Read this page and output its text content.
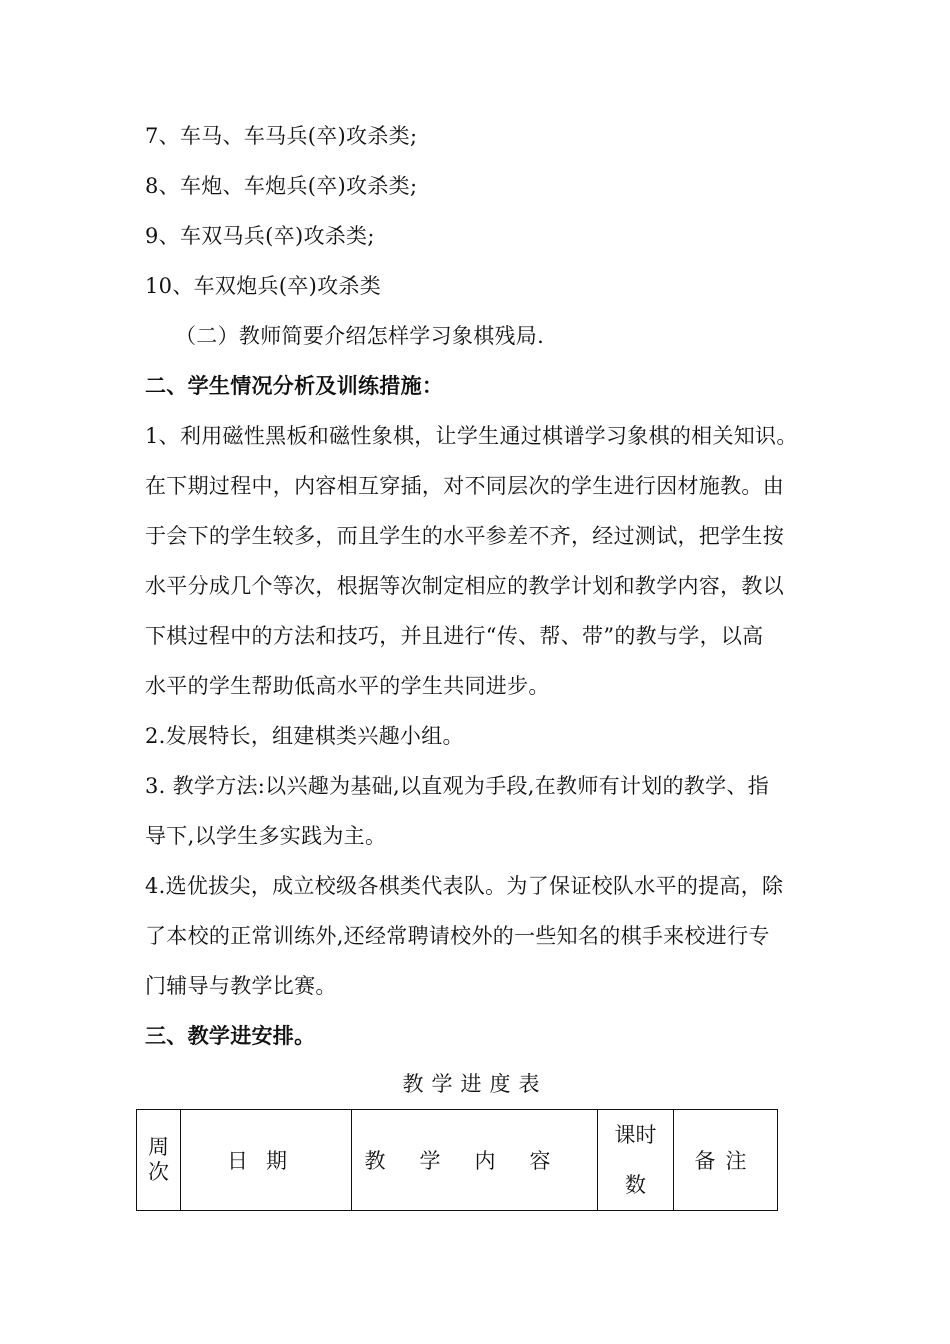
7、车马、车马兵(卒)攻杀类;
8、车炮、车炮兵(卒)攻杀类;
9、车双马兵(卒)攻杀类;
10、车双炮兵(卒)攻杀类
（二）教师简要介绍怎样学习象棋残局.
二、学生情况分析及训练措施：
1、利用磁性黑板和磁性象棋，让学生通过棋谱学习象棋的相关知识。
在下期过程中，内容相互穿插，对不同层次的学生进行因材施教。由
于会下的学生较多，而且学生的水平参差不齐，经过测试，把学生按
水平分成几个等次，根据等次制定相应的教学计划和教学内容，教以
下棋过程中的方法和技巧，并且进行“传、帮、带”的教与学，以高
水平的学生帮助低高水平的学生共同进步。
2.发展特长，组建棋类兴趣小组。
3. 教学方法:以兴趣为基础,以直观为手段,在教师有计划的教学、指
导下,以学生多实践为主。
4.选优拔尖，成立校级各棋类代表队。为了保证校队水平的提高，除
了本校的正常训练外,还经常聘请校外的一些知名的棋手来校进行专
门辅导与教学比赛。
三、教学进安排。
教学进度表
周次	日期	教学内容	课时数	备注
